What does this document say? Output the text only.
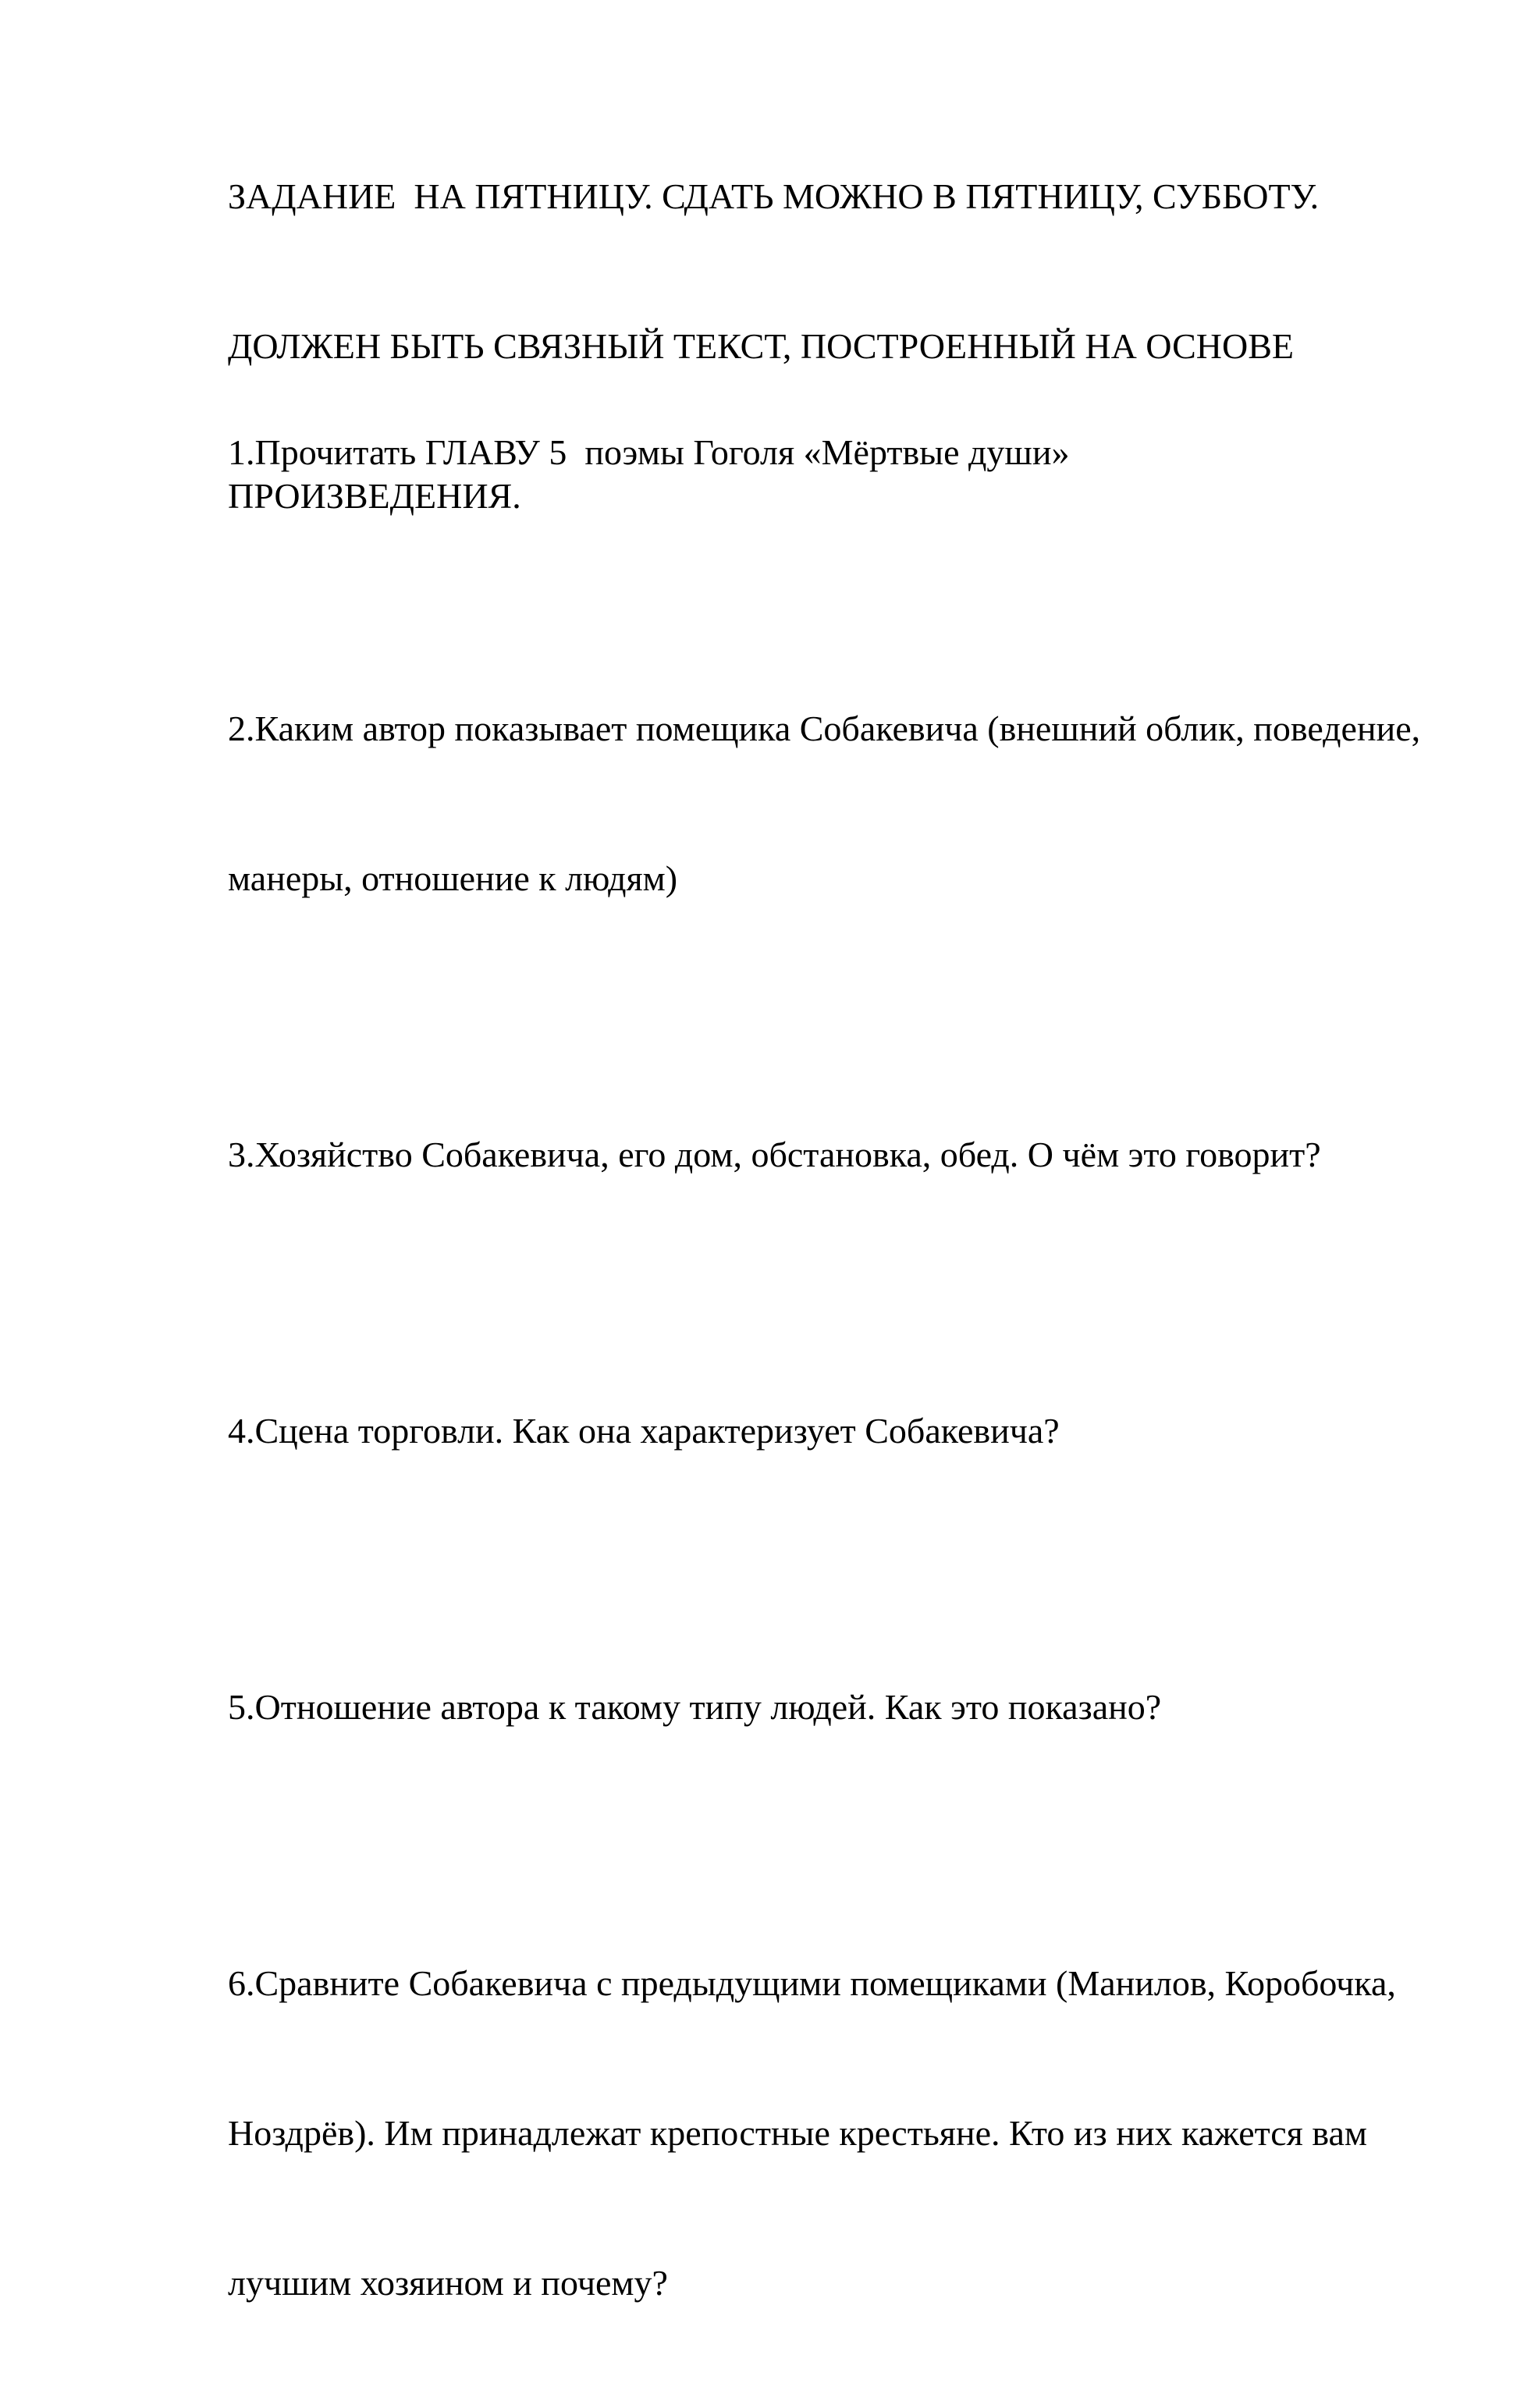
ЗАДАНИЕ  НА ПЯТНИЦУ. СДАТЬ МОЖНО В ПЯТНИЦУ, СУББОТУ.

ДОЛЖЕН БЫТЬ СВЯЗНЫЙ ТЕКСТ, ПОСТРОЕННЫЙ НА ОСНОВЕ

ПРОИЗВЕДЕНИЯ.

1.Прочитать ГЛАВУ 5  поэмы Гоголя «Мёртвые души»

2.Каким автор показывает помещика Собакевича (внешний облик, поведение,

манеры, отношение к людям)

3.Хозяйство Собакевича, его дом, обстановка, обед. О чём это говорит?

4.Сцена торговли. Как она характеризует Собакевича?

5.Отношение автора к такому типу людей. Как это показано?

6.Сравните Собакевича с предыдущими помещиками (Манилов, Коробочка,

Ноздрёв). Им принадлежат крепостные крестьяне. Кто из них кажется вам

лучшим хозяином и почему?
